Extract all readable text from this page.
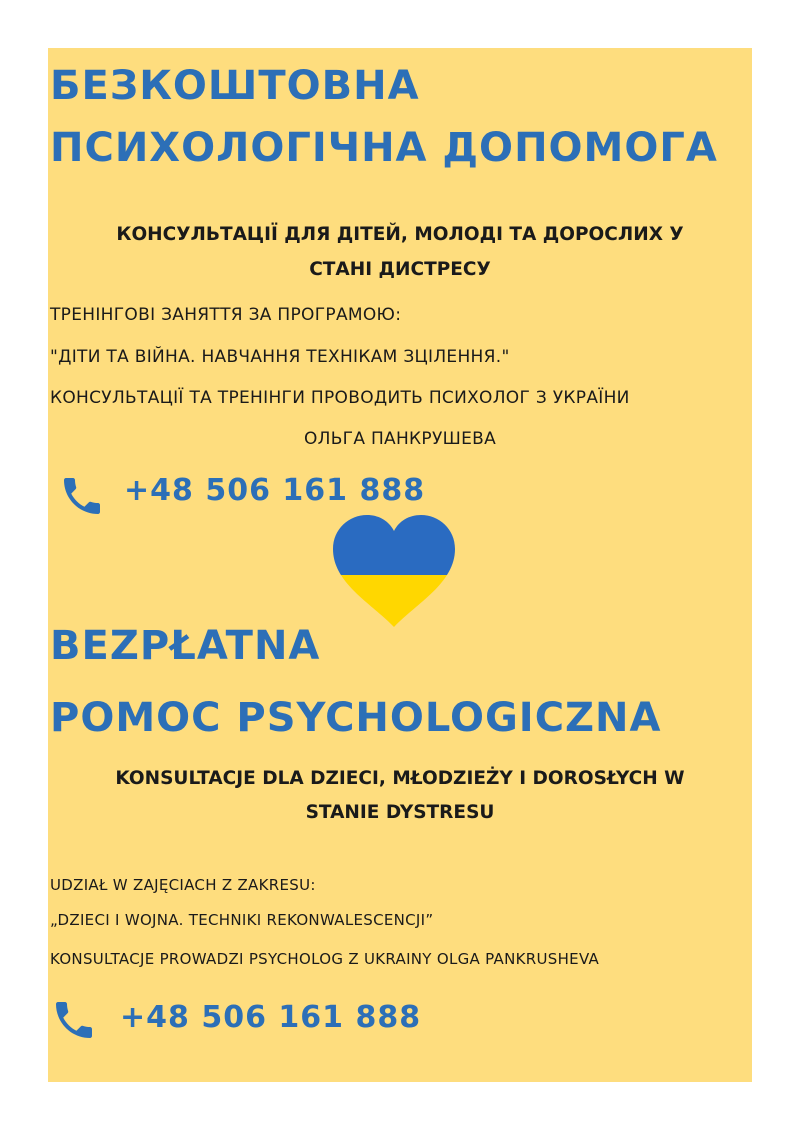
БЕЗКОШТОВНА
ПСИХОЛОГІЧНА ДОПОМОГА
КОНСУЛЬТАЦІЇ ДЛЯ ДІТЕЙ, МОЛОДІ ТА ДОРОСЛИХ У
СТАНІ ДИСТРЕСУ
ТРЕНІНГОВІ ЗАНЯТТЯ ЗА ПРОГРАМОЮ:
"ДІТИ ТА ВІЙНА. НАВЧАННЯ ТЕХНІКАМ ЗЦІЛЕННЯ."
КОНСУЛЬТАЦІЇ ТА ТРЕНІНГИ ПРОВОДИТЬ ПСИХОЛОГ З УКРАЇНИ
ОЛЬГА ПАНКРУШЕВА
+48 506 161 888
BEZPŁATNA
POMOC PSYCHOLOGICZNA
KONSULTACJE DLA DZIECI, MŁODZIEŻY I DOROSŁYCH W
STANIE DYSTRESU
UDZIAŁ W ZAJĘCIACH Z ZAKRESU:
„DZIECI I WOJNA. TECHNIKI REKONWALESCENCJI”
KONSULTACJE PROWADZI PSYCHOLOG Z UKRAINY OLGA PANKRUSHEVA
+48 506 161 888
